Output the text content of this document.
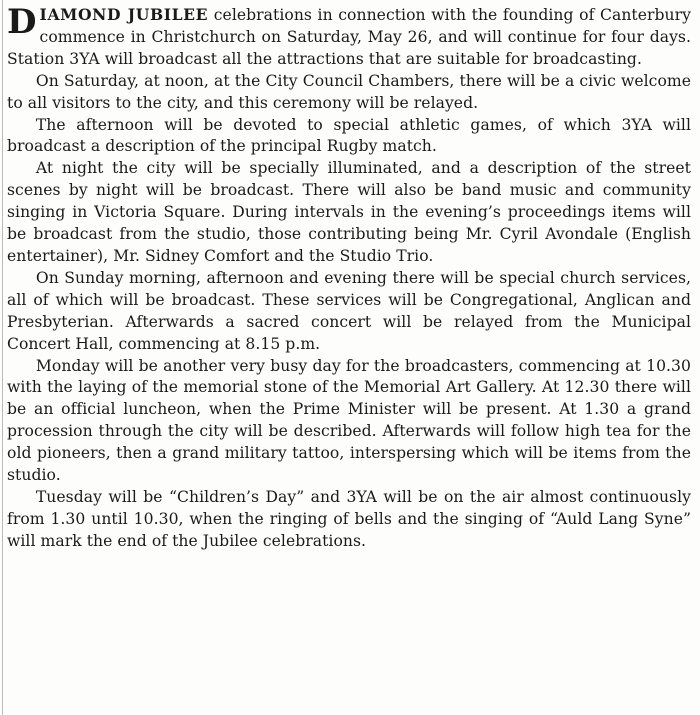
DIAMOND JUBILEE celebrations in connection with the founding of Canterbury commence in Christchurch on Saturday, May 26, and will continue for four days. Station 3YA will broadcast all the attractions that are suitable for broadcasting.

On Saturday, at noon, at the City Council Chambers, there will be a civic welcome to all visitors to the city, and this ceremony will be relayed.

The afternoon will be devoted to special athletic games, of which 3YA will broadcast a description of the principal Rugby match.

At night the city will be specially illuminated, and a description of the street scenes by night will be broadcast. There will also be band music and community singing in Victoria Square. During intervals in the evening’s proceedings items will be broadcast from the studio, those contributing being Mr. Cyril Avondale (English entertainer), Mr. Sidney Comfort and the Studio Trio.

On Sunday morning, afternoon and evening there will be special church services, all of which will be broadcast. These services will be Congregational, Anglican and Presbyterian. Afterwards a sacred concert will be relayed from the Municipal Concert Hall, commencing at 8.15 p.m.

Monday will be another very busy day for the broadcasters, commencing at 10.30 with the laying of the memorial stone of the Memorial Art Gallery. At 12.30 there will be an official luncheon, when the Prime Minister will be present. At 1.30 a grand procession through the city will be described. Afterwards will follow high tea for the old pioneers, then a grand military tattoo, interspersing which will be items from the studio.

Tuesday will be “Children’s Day” and 3YA will be on the air almost continuously from 1.30 until 10.30, when the ringing of bells and the singing of “Auld Lang Syne” will mark the end of the Jubilee celebrations.
